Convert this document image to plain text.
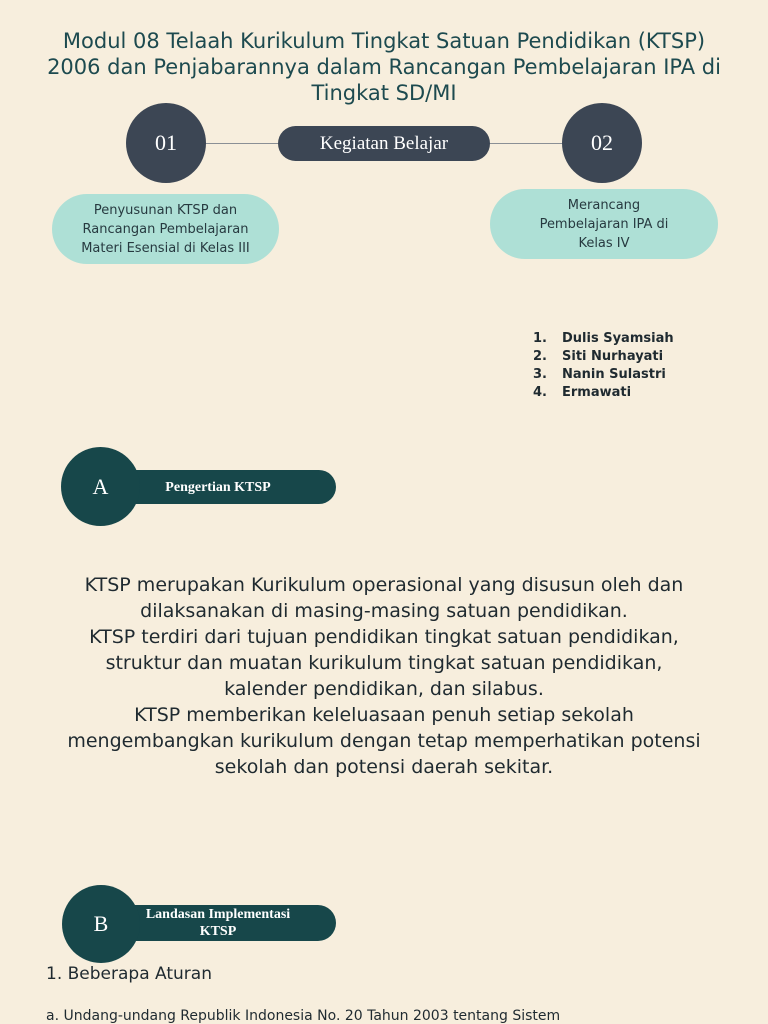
Modul 08 Telaah Kurikulum Tingkat Satuan Pendidikan (KTSP)
2006 dan Penjabarannya dalam Rancangan Pembelajaran IPA di
Tingkat SD/MI
01	Kegiatan Belajar	02
Penyusunan KTSP dan
Rancangan Pembelajaran
Materi Esensial di Kelas III
Merancang
Pembelajaran IPA di
Kelas IV
1.	Dulis Syamsiah
2.	Siti Nurhayati
3.	Nanin Sulastri
4.	Ermawati
Pengertian KTSP
A
KTSP merupakan Kurikulum operasional yang disusun oleh dan
dilaksanakan di masing-masing satuan pendidikan.
KTSP terdiri dari tujuan pendidikan tingkat satuan pendidikan,
struktur dan muatan kurikulum tingkat satuan pendidikan,
kalender pendidikan, dan silabus.
KTSP memberikan keleluasaan penuh setiap sekolah
mengembangkan kurikulum dengan tetap memperhatikan potensi
sekolah dan potensi daerah sekitar.
Landasan Implementasi
KTSP
B
1. Beberapa Aturan
a. Undang-undang Republik Indonesia No. 20 Tahun 2003 tentang Sistem
